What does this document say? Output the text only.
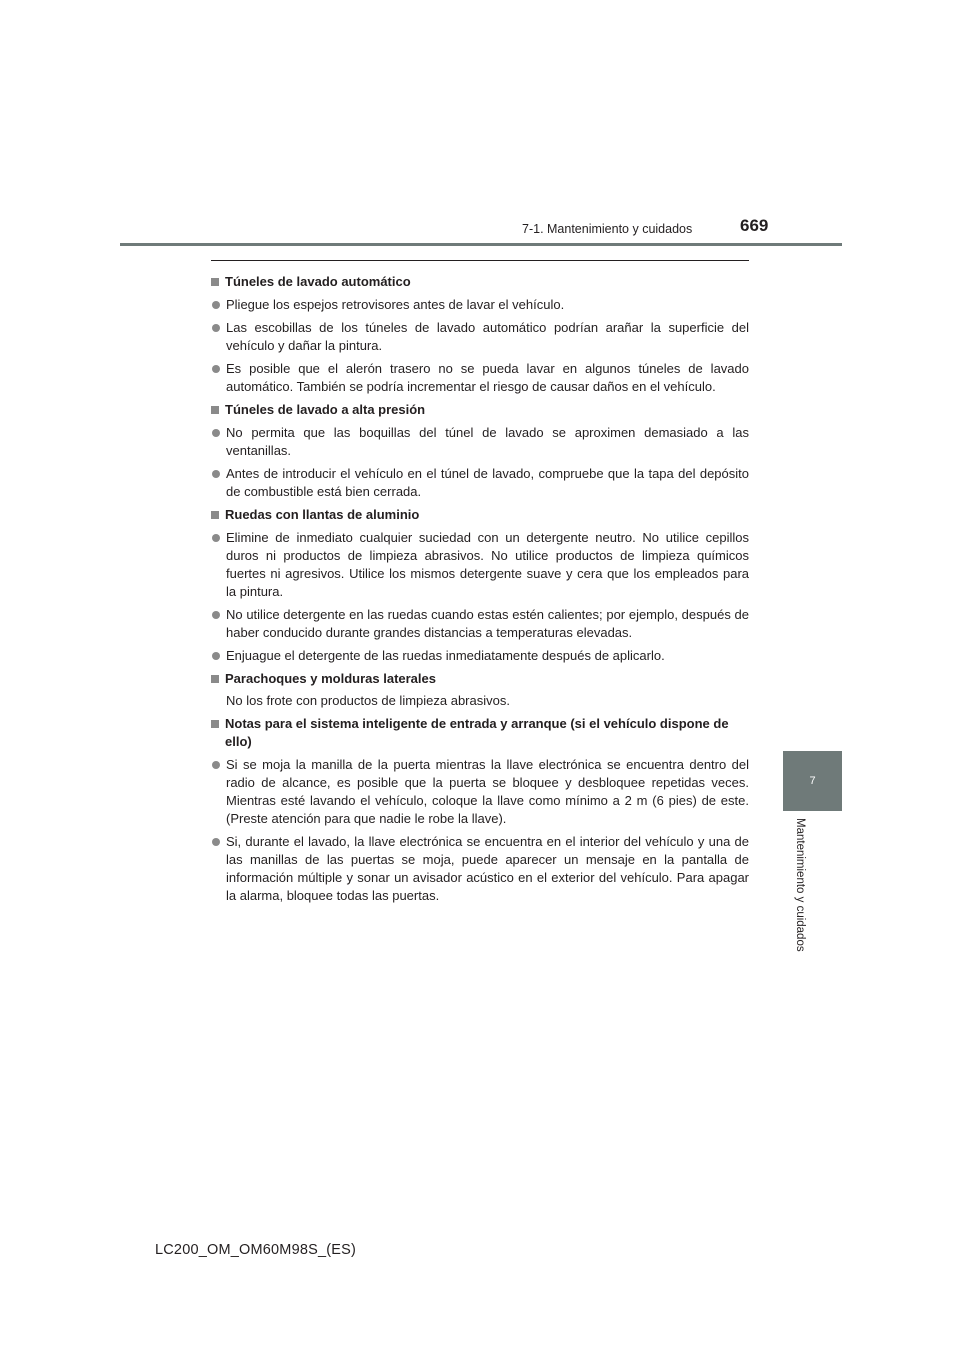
7-1. Mantenimiento y cuidados	669
7
Mantenimiento y cuidados
Túneles de lavado automático
Pliegue los espejos retrovisores antes de lavar el vehículo.
Las escobillas de los túneles de lavado automático podrían arañar la superficie del vehículo y dañar la pintura.
Es posible que el alerón trasero no se pueda lavar en algunos túneles de lavado automático. También se podría incrementar el riesgo de causar daños en el vehículo.
Túneles de lavado a alta presión
No permita que las boquillas del túnel de lavado se aproximen demasiado a las ventanillas.
Antes de introducir el vehículo en el túnel de lavado, compruebe que la tapa del depósito de combustible está bien cerrada.
Ruedas con llantas de aluminio
Elimine de inmediato cualquier suciedad con un detergente neutro. No utilice cepillos duros ni productos de limpieza abrasivos. No utilice productos de limpieza químicos fuertes ni agresivos. Utilice los mismos detergente suave y cera que los empleados para la pintura.
No utilice detergente en las ruedas cuando estas estén calientes; por ejemplo, después de haber conducido durante grandes distancias a temperaturas elevadas.
Enjuague el detergente de las ruedas inmediatamente después de aplicarlo.
Parachoques y molduras laterales
No los frote con productos de limpieza abrasivos.
Notas para el sistema inteligente de entrada y arranque (si el vehículo dispone de ello)
Si se moja la manilla de la puerta mientras la llave electrónica se encuentra dentro del radio de alcance, es posible que la puerta se bloquee y desbloquee repetidas veces. Mientras esté lavando el vehículo, coloque la llave como mínimo a 2 m (6 pies) de este. (Preste atención para que nadie le robe la llave).
Si, durante el lavado, la llave electrónica se encuentra en el interior del vehículo y una de las manillas de las puertas se moja, puede aparecer un mensaje en la pantalla de información múltiple y sonar un avisador acústico en el exterior del vehículo. Para apagar la alarma, bloquee todas las puertas.
LC200_OM_OM60M98S_(ES)
